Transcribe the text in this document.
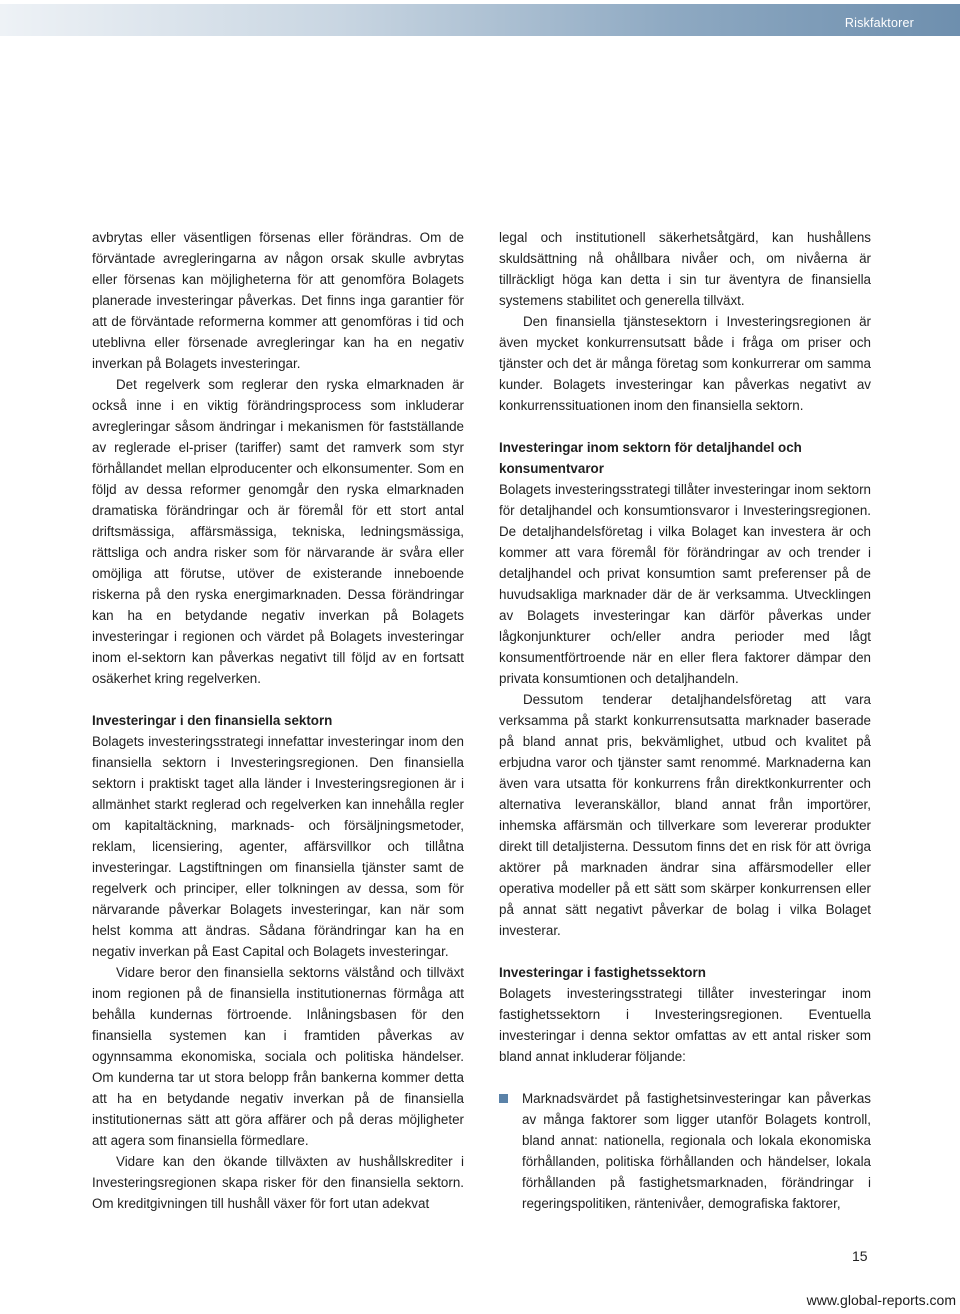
Riskfaktorer

avbrytas eller väsentligen försenas eller förändras. Om de förväntade avregleringarna av någon orsak skulle avbrytas eller försenas kan möjligheterna för att genomföra Bolagets planerade investeringar påverkas. Det finns inga garantier för att de förväntade reformerna kommer att genomföras i tid och uteblivna eller försenade avregleringar kan ha en negativ inverkan på Bolagets investeringar.

Det regelverk som reglerar den ryska elmarknaden är också inne i en viktig förändringsprocess som inkluderar avregleringar såsom ändringar i mekanismen för fastställande av reglerade el-priser (tariffer) samt det ramverk som styr förhållandet mellan elproducenter och elkonsumenter. Som en följd av dessa reformer genomgår den ryska elmarknaden dramatiska förändringar och är föremål för ett stort antal driftsmässiga, affärsmässiga, tekniska, ledningsmässiga, rättsliga och andra risker som för närvarande är svåra eller omöjliga att förutse, utöver de existerande inneboende riskerna på den ryska energimarknaden. Dessa förändringar kan ha en betydande negativ inverkan på Bolagets investeringar i regionen och värdet på Bolagets investeringar inom el-sektorn kan påverkas negativt till följd av en fortsatt osäkerhet kring regelverken.

Investeringar i den finansiella sektorn

Bolagets investeringsstrategi innefattar investeringar inom den finansiella sektorn i Investeringsregionen. Den finansiella sektorn i praktiskt taget alla länder i Investeringsregionen är i allmänhet starkt reglerad och regelverken kan innehålla regler om kapitaltäckning, marknads- och försäljningsmetoder, reklam, licensiering, agenter, affärsvillkor och tillåtna investeringar. Lagstiftningen om finansiella tjänster samt de regelverk och principer, eller tolkningen av dessa, som för närvarande påverkar Bolagets investeringar, kan när som helst komma att ändras. Sådana förändringar kan ha en negativ inverkan på East Capital och Bolagets investeringar.

Vidare beror den finansiella sektorns välstånd och tillväxt inom regionen på de finansiella institutionernas förmåga att behålla kundernas förtroende. Inlåningsbasen för den finansiella systemen kan i framtiden påverkas av ogynnsamma ekonomiska, sociala och politiska händelser. Om kunderna tar ut stora belopp från bankerna kommer detta att ha en betydande negativ inverkan på de finansiella institutionernas sätt att göra affärer och på deras möjligheter att agera som finansiella förmedlare.

Vidare kan den ökande tillväxten av hushållskrediter i Investeringsregionen skapa risker för den finansiella sektorn. Om kreditgivningen till hushåll växer för fort utan adekvat

legal och institutionell säkerhetsåtgärd, kan hushållens skuldsättning nå ohållbara nivåer och, om nivåerna är tillräckligt höga kan detta i sin tur äventyra de finansiella systemens stabilitet och generella tillväxt.

Den finansiella tjänstesektorn i Investeringsregionen är även mycket konkurrensutsatt både i fråga om priser och tjänster och det är många företag som konkurrerar om samma kunder. Bolagets investeringar kan påverkas negativt av konkurrenssituationen inom den finansiella sektorn.

Investeringar inom sektorn för detaljhandel och konsumentvaror

Bolagets investeringsstrategi tillåter investeringar inom sektorn för detaljhandel och konsumtionsvaror i Investeringsregionen. De detaljhandelsföretag i vilka Bolaget kan investera är och kommer att vara föremål för förändringar av och trender i detaljhandel och privat konsumtion samt preferenser på de huvudsakliga marknader där de är verksamma. Utvecklingen av Bolagets investeringar kan därför påverkas under lågkonjunkturer och/eller andra perioder med lågt konsumentförtroende när en eller flera faktorer dämpar den privata konsumtionen och detaljhandeln.

Dessutom tenderar detaljhandelsföretag att vara verksamma på starkt konkurrensutsatta marknader baserade på bland annat pris, bekvämlighet, utbud och kvalitet på erbjudna varor och tjänster samt renommé. Marknaderna kan även vara utsatta för konkurrens från direktkonkurrenter och alternativa leveranskällor, bland annat från importörer, inhemska affärsmän och tillverkare som levererar produkter direkt till detaljisterna. Dessutom finns det en risk för att övriga aktörer på marknaden ändrar sina affärsmodeller eller operativa modeller på ett sätt som skärper konkurrensen eller på annat sätt negativt påverkar de bolag i vilka Bolaget investerar.

Investeringar i fastighetssektorn

Bolagets investeringsstrategi tillåter investeringar inom fastighetssektorn i Investeringsregionen. Eventuella investeringar i denna sektor omfattas av ett antal risker som bland annat inkluderar följande:

Marknadsvärdet på fastighetsinvesteringar kan påverkas av många faktorer som ligger utanför Bolagets kontroll, bland annat: nationella, regionala och lokala ekonomiska förhållanden, politiska förhållanden och händelser, lokala förhållanden på fastighetsmarknaden, förändringar i regeringspolitiken, räntenivåer, demografiska faktorer,
15
www.global-reports.com
